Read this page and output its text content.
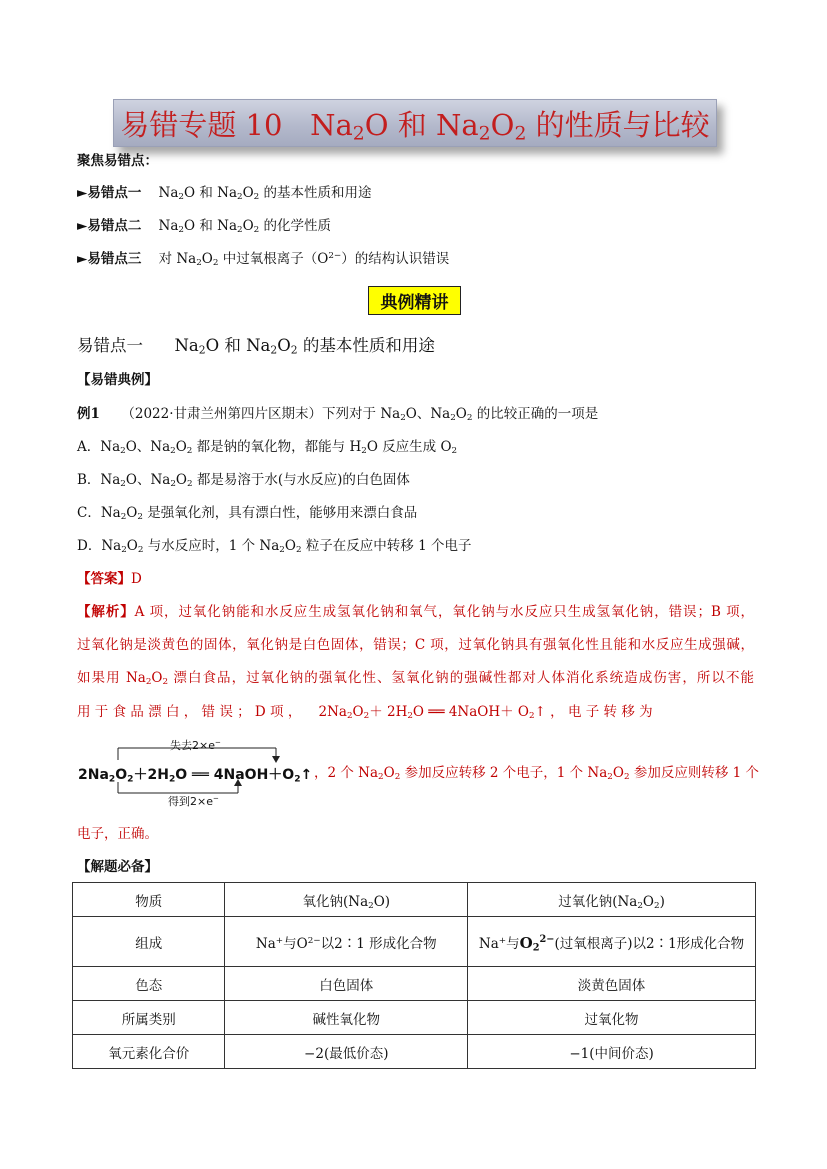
易错专题 10   $Na_2O$ 和 $Na_2O_2$ 的性质与比较
聚焦易错点：
►易错点一    $Na_2O$ 和 $Na_2O_2$ 的基本性质和用途
►易错点二    $Na_2O$ 和 $Na_2O_2$ 的化学性质
►易错点三 对 $Na_2O_2$ 中过氧根离子$(O^{2-})$的结构认识错误
典例精讲
易错点一      $Na_2O$ 和 $Na_2O_2$ 的基本性质和用途
【易错典例】
例1 （2022·甘肃兰州第四片区期末）下列对于 $Na_2O$、$Na_2O_2$ 的比较正确的一项是
A．$Na_2O$、$Na_2O_2$ 都是钠的氧化物，都能与 $H_2O$ 反应生成 $O_2$
B．$Na_2O$、$Na_2O_2$ 都是易溶于水(与水反应)的白色固体
C．$Na_2O_2$ 是强氧化剂，具有漂白性，能够用来漂白食品
D．$Na_2O_2$ 与水反应时，1 个 $Na_2O_2$ 粒子在反应中转移 1 个电子
【答案】D
【解析】A 项，过氧化钠能和水反应生成氢氧化钠和氧气，氧化钠与水反应只生成氢氧化钠，错误；B 项，
过氧化钠是淡黄色的固体，氧化钠是白色固体，错误；C 项，过氧化钠具有强氧化性且能和水反应生成强碱，
如果用 $Na_2O_2$ 漂白食品，过氧化钠的强氧化性、氢氧化钠的强碱性都对人体消化系统造成伤害，所以不能
用 于 食 品 漂 白 ， 错 误 ； D 项 ，    $2Na_2O_2+ 2H_2O$ ══ 4NaOH＋ $O_2↑$ ， 电 子 转 移 为
失去2×e−
$2Na_2O_2+2H_2O$ ══ $4NaOH+O_2↑$
得到2×e−
，2 个 $Na_2O_2$ 参加反应转移 2 个电子，1 个 $Na_2O_2$ 参加反应则转移 1 个
电子，正确。
【解题必备】
物质	氧化钠$(Na_2O)$	过氧化钠$(Na_2O_2)$
组成	Na+与$O^{2-}$以2∶1 形成化合物	Na+与$O_2^{2-}$(过氧根离子)以2∶1形成化合物
色态	白色固体	淡黄色固体
所属类别	碱性氧化物	过氧化物
氧元素化合价	−2(最低价态)	−1(中间价态)
